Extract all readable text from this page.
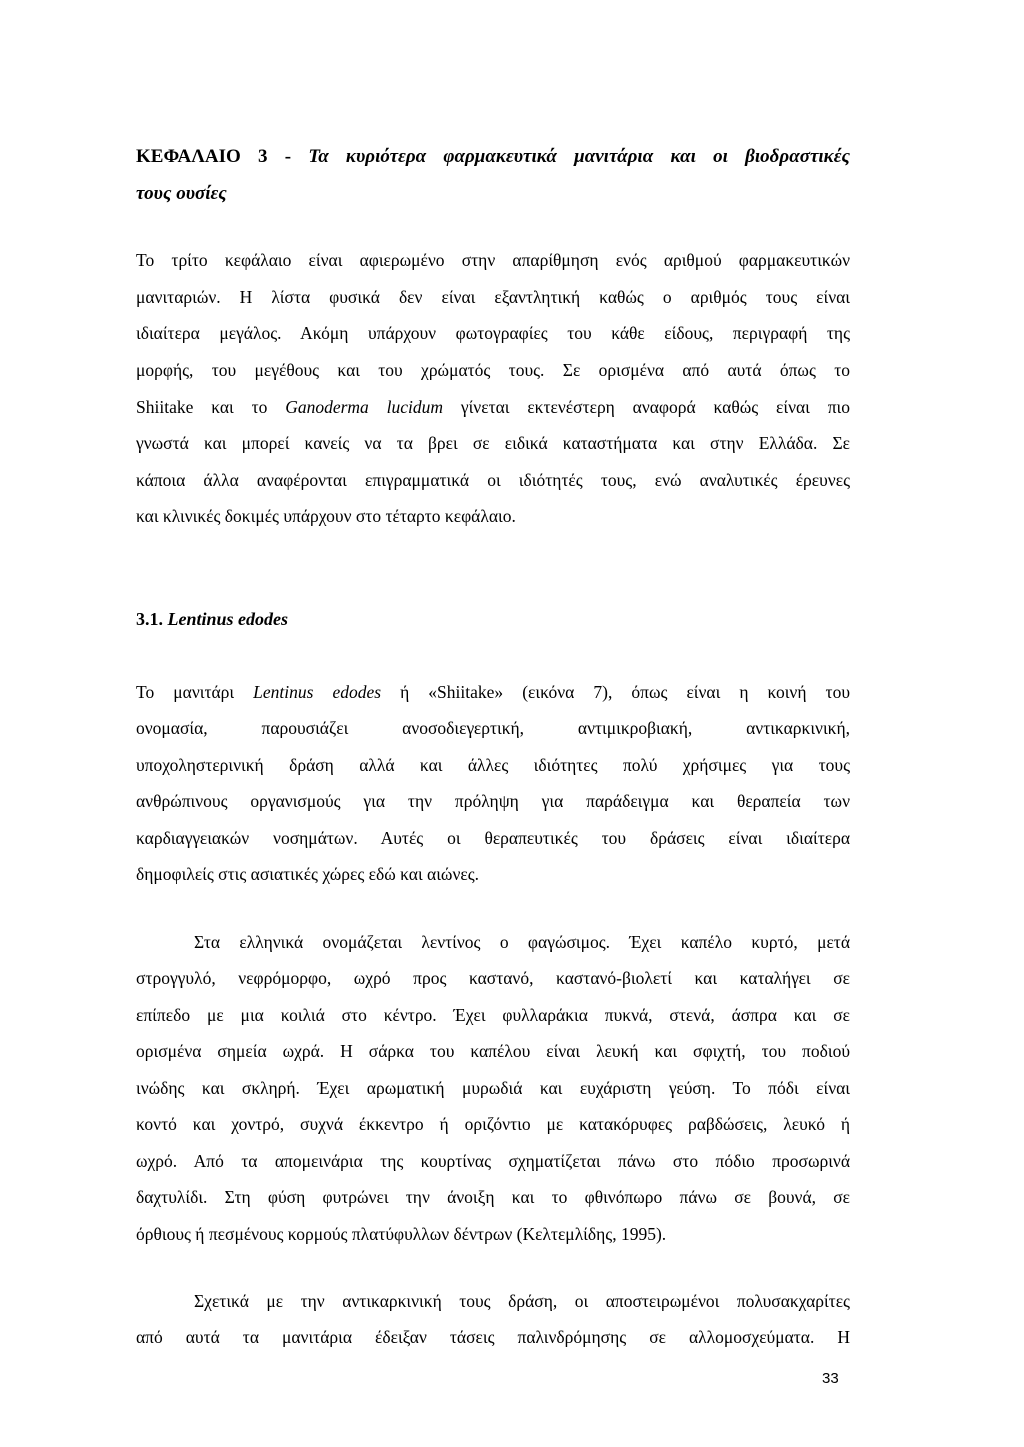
ΚΕΦΑΛΑΙΟ 3 - Τα κυριότερα φαρμακευτικά μανιτάρια και οι βιοδραστικές
τους ουσίες
Το τρίτο κεφάλαιο είναι αφιερωμένο στην απαρίθμηση ενός αριθμού φαρμακευτικών
μανιταριών. Η λίστα φυσικά δεν είναι εξαντλητική καθώς ο αριθμός τους είναι
ιδιαίτερα μεγάλος. Ακόμη υπάρχουν φωτογραφίες του κάθε είδους, περιγραφή της
μορφής, του μεγέθους και του χρώματός τους. Σε ορισμένα από αυτά όπως το
Shiitake και το Ganoderma lucidum γίνεται εκτενέστερη αναφορά καθώς είναι πιο
γνωστά και μπορεί κανείς να τα βρει σε ειδικά καταστήματα και στην Ελλάδα. Σε
κάποια άλλα αναφέρονται επιγραμματικά οι ιδιότητές τους, ενώ αναλυτικές έρευνες
και κλινικές δοκιμές υπάρχουν στο τέταρτο κεφάλαιο.
3.1. Lentinus edodes
Το μανιτάρι Lentinus edodes ή «Shiitake» (εικόνα 7), όπως είναι η κοινή του
ονομασία, παρουσιάζει ανοσοδιεγερτική, αντιμικροβιακή, αντικαρκινική,
υποχοληστερινική δράση αλλά και άλλες ιδιότητες πολύ χρήσιμες για τους
ανθρώπινους οργανισμούς για την πρόληψη για παράδειγμα και θεραπεία των
καρδιαγγειακών νοσημάτων. Αυτές οι θεραπευτικές του δράσεις είναι ιδιαίτερα
δημοφιλείς στις ασιατικές χώρες εδώ και αιώνες.
Στα ελληνικά ονομάζεται λεντίνος ο φαγώσιμος. Έχει καπέλο κυρτό, μετά
στρογγυλό, νεφρόμορφο, ωχρό προς καστανό, καστανό-βιολετί και καταλήγει σε
επίπεδο με μια κοιλιά στο κέντρο. Έχει φυλλαράκια πυκνά, στενά, άσπρα και σε
ορισμένα σημεία ωχρά. Η σάρκα του καπέλου είναι λευκή και σφιχτή, του ποδιού
ινώδης και σκληρή. Έχει αρωματική μυρωδιά και ευχάριστη γεύση. Το πόδι είναι
κοντό και χοντρό, συχνά έκκεντρο ή οριζόντιο με κατακόρυφες ραβδώσεις, λευκό ή
ωχρό. Από τα απομεινάρια της κουρτίνας σχηματίζεται πάνω στο πόδιο προσωρινά
δαχτυλίδι. Στη φύση φυτρώνει την άνοιξη και το φθινόπωρο πάνω σε βουνά, σε
όρθιους ή πεσμένους κορμούς πλατύφυλλων δέντρων (Κελτεμλίδης, 1995).
Σχετικά με την αντικαρκινική τους δράση, οι αποστειρωμένοι πολυσακχαρίτες
από αυτά τα μανιτάρια έδειξαν τάσεις παλινδρόμησης σε αλλομοσχεύματα. Η
33
